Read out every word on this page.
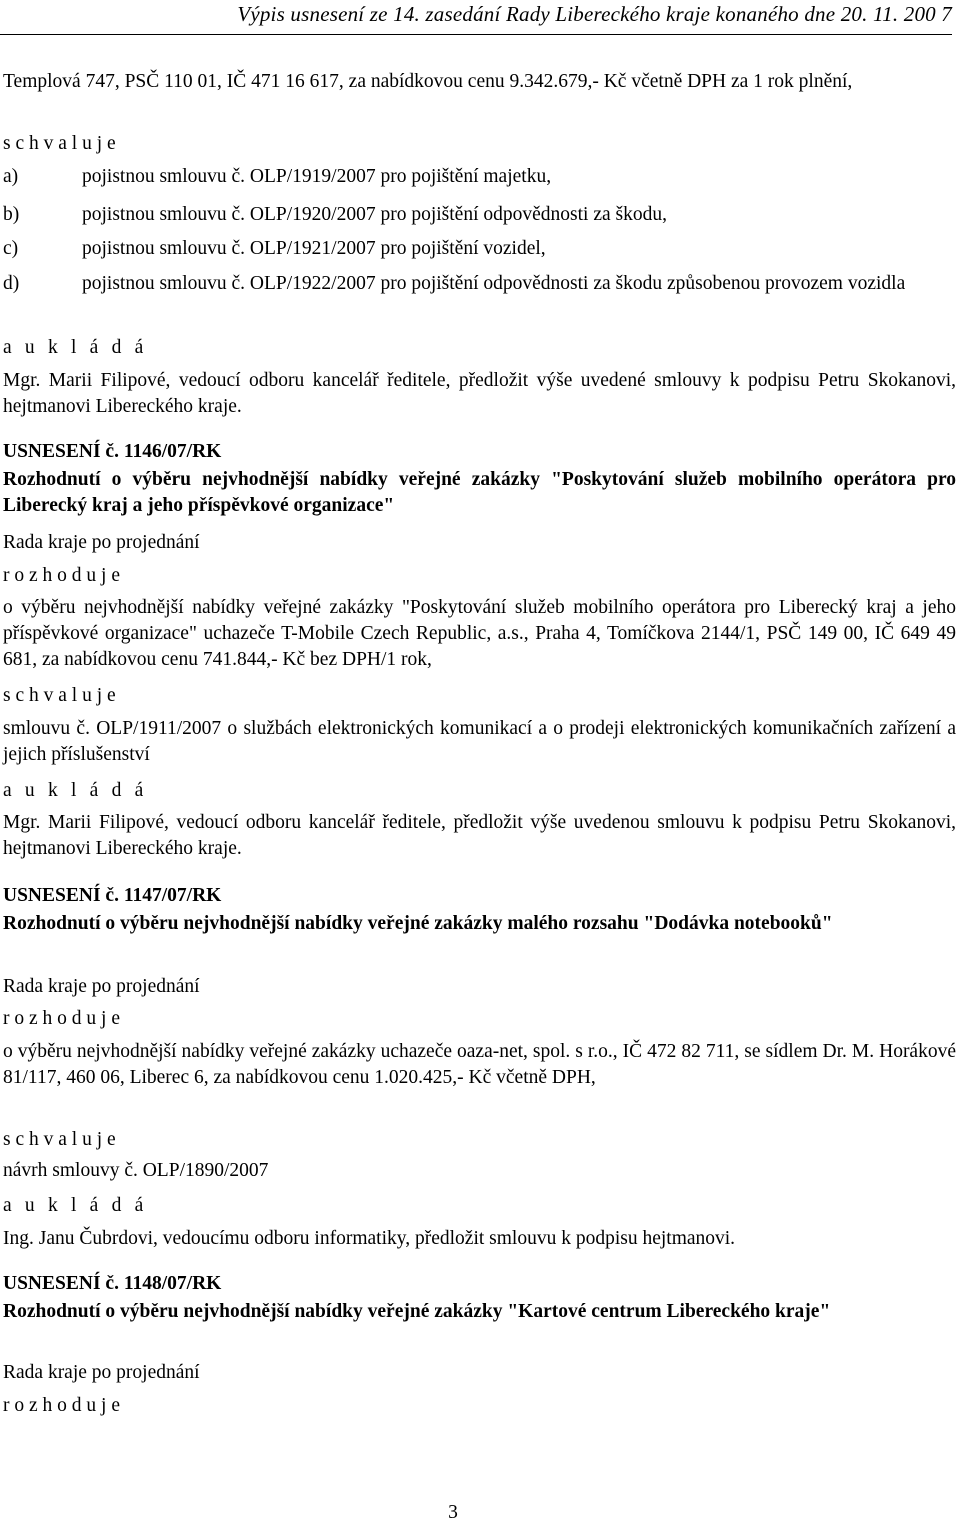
Výpis usnesení ze 14. zasedání Rady Libereckého kraje konaného dne 20. 11. 200 7
Templová 747, PSČ 110 01, IČ 471 16 617, za nabídkovou cenu 9.342.679,- Kč včetně DPH za 1 rok plnění,
s c h v a l u j e
a)	pojistnou smlouvu č. OLP/1919/2007 pro pojištění majetku,
b)	pojistnou smlouvu č. OLP/1920/2007 pro pojištění odpovědnosti za škodu,
c)	pojistnou smlouvu č. OLP/1921/2007 pro pojištění vozidel,
d)	pojistnou smlouvu č. OLP/1922/2007 pro pojištění odpovědnosti za škodu způsobenou provozem vozidla
a u k l á d á
Mgr. Marii Filipové, vedoucí odboru kancelář ředitele, předložit výše uvedené smlouvy k podpisu Petru Skokanovi, hejtmanovi Libereckého kraje.
USNESENÍ č. 1146/07/RK
Rozhodnutí o výběru nejvhodnější nabídky veřejné zakázky "Poskytování služeb mobilního operátora pro Liberecký kraj a jeho příspěvkové organizace"
Rada kraje po projednání
r o z h o d u j e
o výběru nejvhodnější nabídky veřejné zakázky "Poskytování služeb mobilního operátora pro Liberecký kraj a jeho příspěvkové organizace" uchazeče T-Mobile Czech Republic, a.s., Praha 4, Tomíčkova 2144/1, PSČ 149 00, IČ 649 49 681, za nabídkovou cenu 741.844,- Kč bez DPH/1 rok,
s c h v a l u j e
smlouvu č. OLP/1911/2007 o službách elektronických komunikací a o prodeji elektronických komunikačních zařízení a jejich příslušenství
a u k l á d á
Mgr. Marii Filipové, vedoucí odboru kancelář ředitele, předložit výše uvedenou smlouvu k podpisu Petru Skokanovi, hejtmanovi Libereckého kraje.
USNESENÍ č. 1147/07/RK
Rozhodnutí o výběru nejvhodnější nabídky veřejné zakázky malého rozsahu "Dodávka notebooků"
Rada kraje po projednání
r o z h o d u j e
o výběru nejvhodnější nabídky veřejné zakázky uchazeče oaza-net, spol. s r.o., IČ 472 82 711, se sídlem Dr. M. Horákové 81/117, 460 06, Liberec 6, za nabídkovou cenu 1.020.425,- Kč včetně DPH,
s c h v a l u j e
návrh smlouvy č. OLP/1890/2007
a u k l á d á
Ing. Janu Čubrdovi, vedoucímu odboru informatiky, předložit smlouvu k podpisu hejtmanovi.
USNESENÍ č. 1148/07/RK
Rozhodnutí o výběru nejvhodnější nabídky veřejné zakázky "Kartové centrum Libereckého kraje"
Rada kraje po projednání
r o z h o d u j e
3
